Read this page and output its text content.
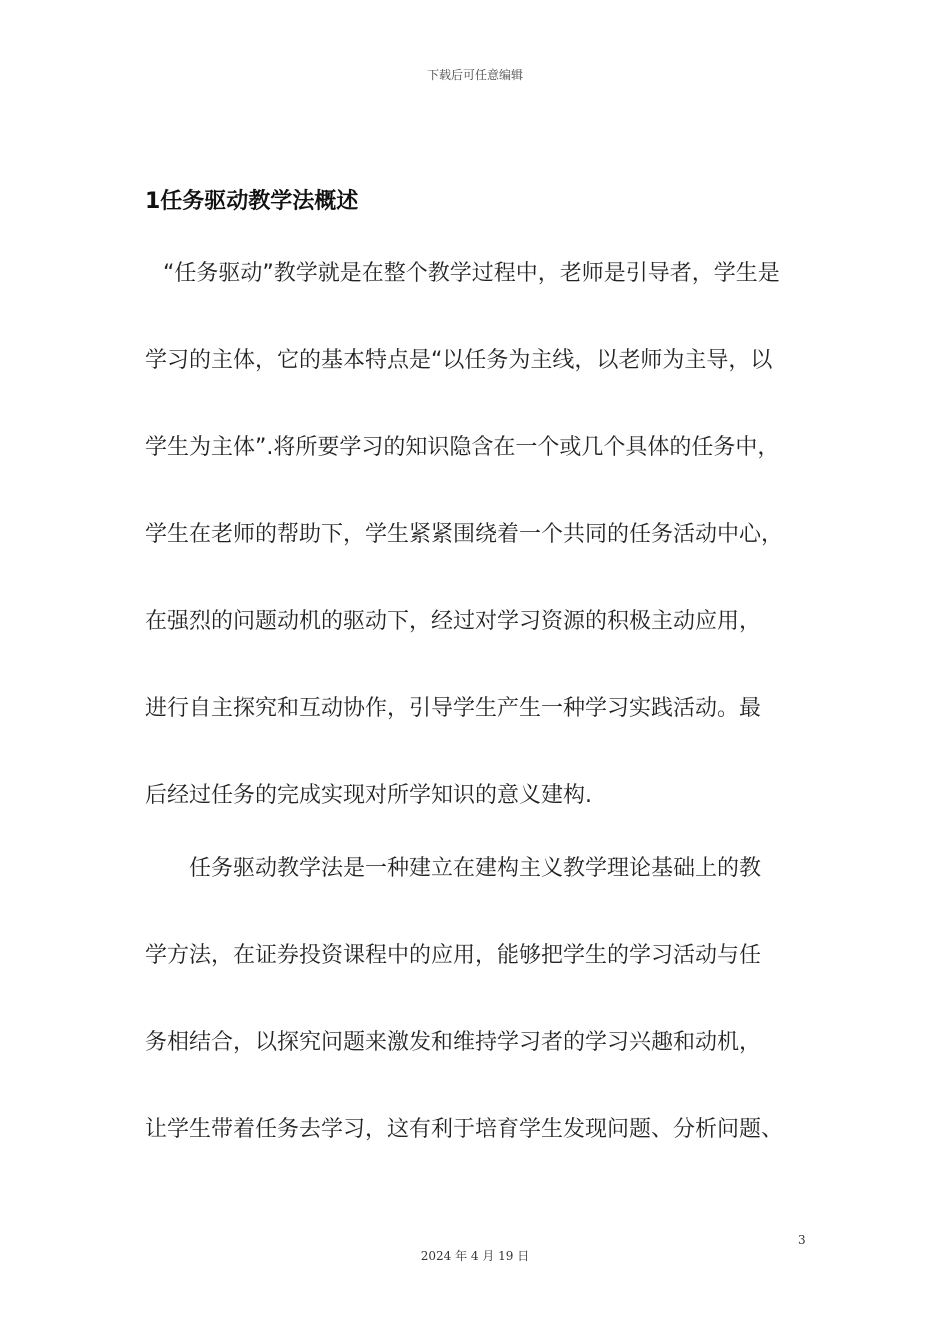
下载后可任意编辑
1任务驱动教学法概述
“任务驱动”教学就是在整个教学过程中，老师是引导者，学生是
学习的主体，它的基本特点是“以任务为主线，以老师为主导，以
学生为主体”.将所要学习的知识隐含在一个或几个具体的任务中，
学生在老师的帮助下，学生紧紧围绕着一个共同的任务活动中心，
在强烈的问题动机的驱动下，经过对学习资源的积极主动应用，
进行自主探究和互动协作，引导学生产生一种学习实践活动。最
后经过任务的完成实现对所学知识的意义建构.
任务驱动教学法是一种建立在建构主义教学理论基础上的教
学方法，在证券投资课程中的应用，能够把学生的学习活动与任
务相结合，以探究问题来激发和维持学习者的学习兴趣和动机，
让学生带着任务去学习，这有利于培育学生发现问题、分析问题、
3
2024 年 4 月 19 日
